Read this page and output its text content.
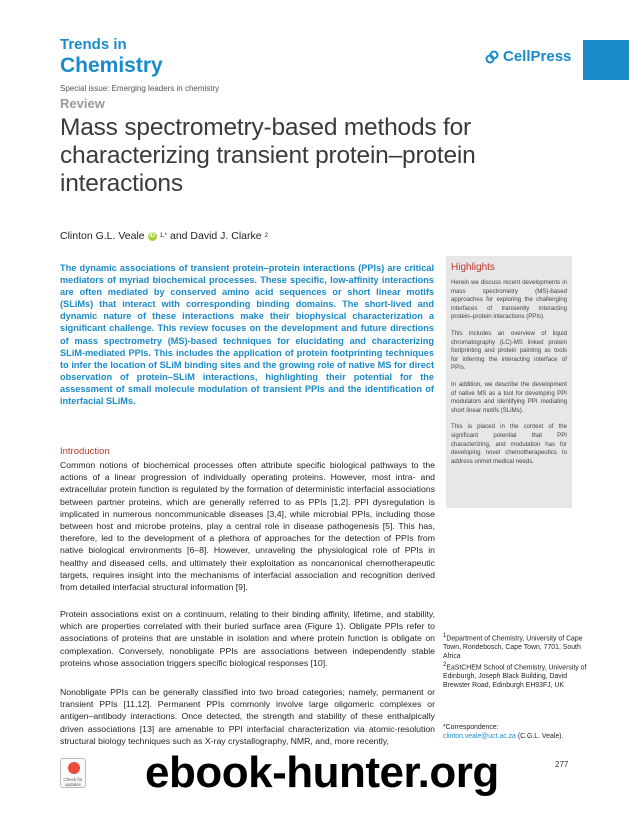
Trends in
Chemistry	CellPress
Special issue: Emerging leaders in chemistry
Review
Mass spectrometry-based methods for characterizing transient protein–protein interactions
Clinton G.L. Veale iD 1,* and David J. Clarke 2

The dynamic associations of transient protein–protein interactions (PPIs) are critical mediators of myriad biochemical processes. These specific, low-affinity interactions are often mediated by conserved amino acid sequences or short linear motifs (SLiMs) that interact with corresponding binding domains. The short-lived and dynamic nature of these interactions make their biophysical characterization a significant challenge. This review focuses on the development and future directions of mass spectrometry (MS)-based techniques for elucidating and characterizing SLiM-mediated PPIs. This includes the application of protein footprinting techniques to infer the location of SLiM binding sites and the growing role of native MS for direct observation of protein–SLiM interactions, highlighting their potential for the assessment of small molecule modulation of transient PPIs and the identification of interfacial SLiMs.

Introduction

Common notions of biochemical processes often attribute specific biological pathways to the actions of a linear progression of individually operating proteins. However, most intra- and extracellular protein function is regulated by the formation of deterministic interfacial associations between partner proteins, which are generally referred to as PPIs [1,2]. PPI dysregulation is implicated in numerous noncommunicable diseases [3,4], while microbial PPIs, including those between host and microbe proteins, play a central role in disease pathogenesis [5]. This has, therefore, led to the development of a plethora of approaches for the detection of PPIs from native biological environments [6–8]. However, unraveling the physiological role of PPIs in healthy and diseased cells, and ultimately their exploitation as noncanonical chemotherapeutic targets, requires insight into the mechanisms of interfacial association and recognition derived from detailed interfacial structural information [9].

Protein associations exist on a continuum, relating to their binding affinity, lifetime, and stability, which are properties correlated with their buried surface area (Figure 1). Obligate PPIs refer to associations of proteins that are unstable in isolation and where protein function is obligate on complexation. Conversely, nonobligate PPIs are associations between independently stable proteins whose association triggers specific biological responses [10].

Nonobligate PPIs can be generally classified into two broad categories; namely, permanent or transient PPIs [11,12]. Permanent PPIs commonly involve large oligomeric complexes or antigen–antibody interactions. Once detected, the strength and stability of these enthalpically driven associations [13] are amenable to PPI interfacial characterization via atomic-resolution structural biology techniques such as X-ray crystallography, NMR, and, more recently,

Highlights

Herein we discuss recent developments in mass spectrometry (MS)-based approaches for exploring the challenging interfaces of transiently interacting protein–protein interactions (PPIs).

This includes an overview of liquid chromatography (LC)-MS linked protein footprinting and protein painting as tools for inferring the interacting interface of PPIs.

In addition, we describe the development of native MS as a tool for developing PPI modulators and identifying PPI mediating short linear motifs (SLiMs).

This is placed in the context of the significant potential that PPI characterizing, and modulation has for developing novel chemotherapeutics to address unmet medical needs.

$^1$Department of Chemistry, University of Cape Town, Rondebosch, Cape Town, 7701, South Africa
$^2$EaStCHEM School of Chemistry, University of Edinburgh, Joseph Black Building, David Brewster Road, Edinburgh EH93FJ, UK
*Correspondence:
clinton.veale@uct.ac.za (C.G.L. Veale).
Check for updates
277
ebook-hunter.org
